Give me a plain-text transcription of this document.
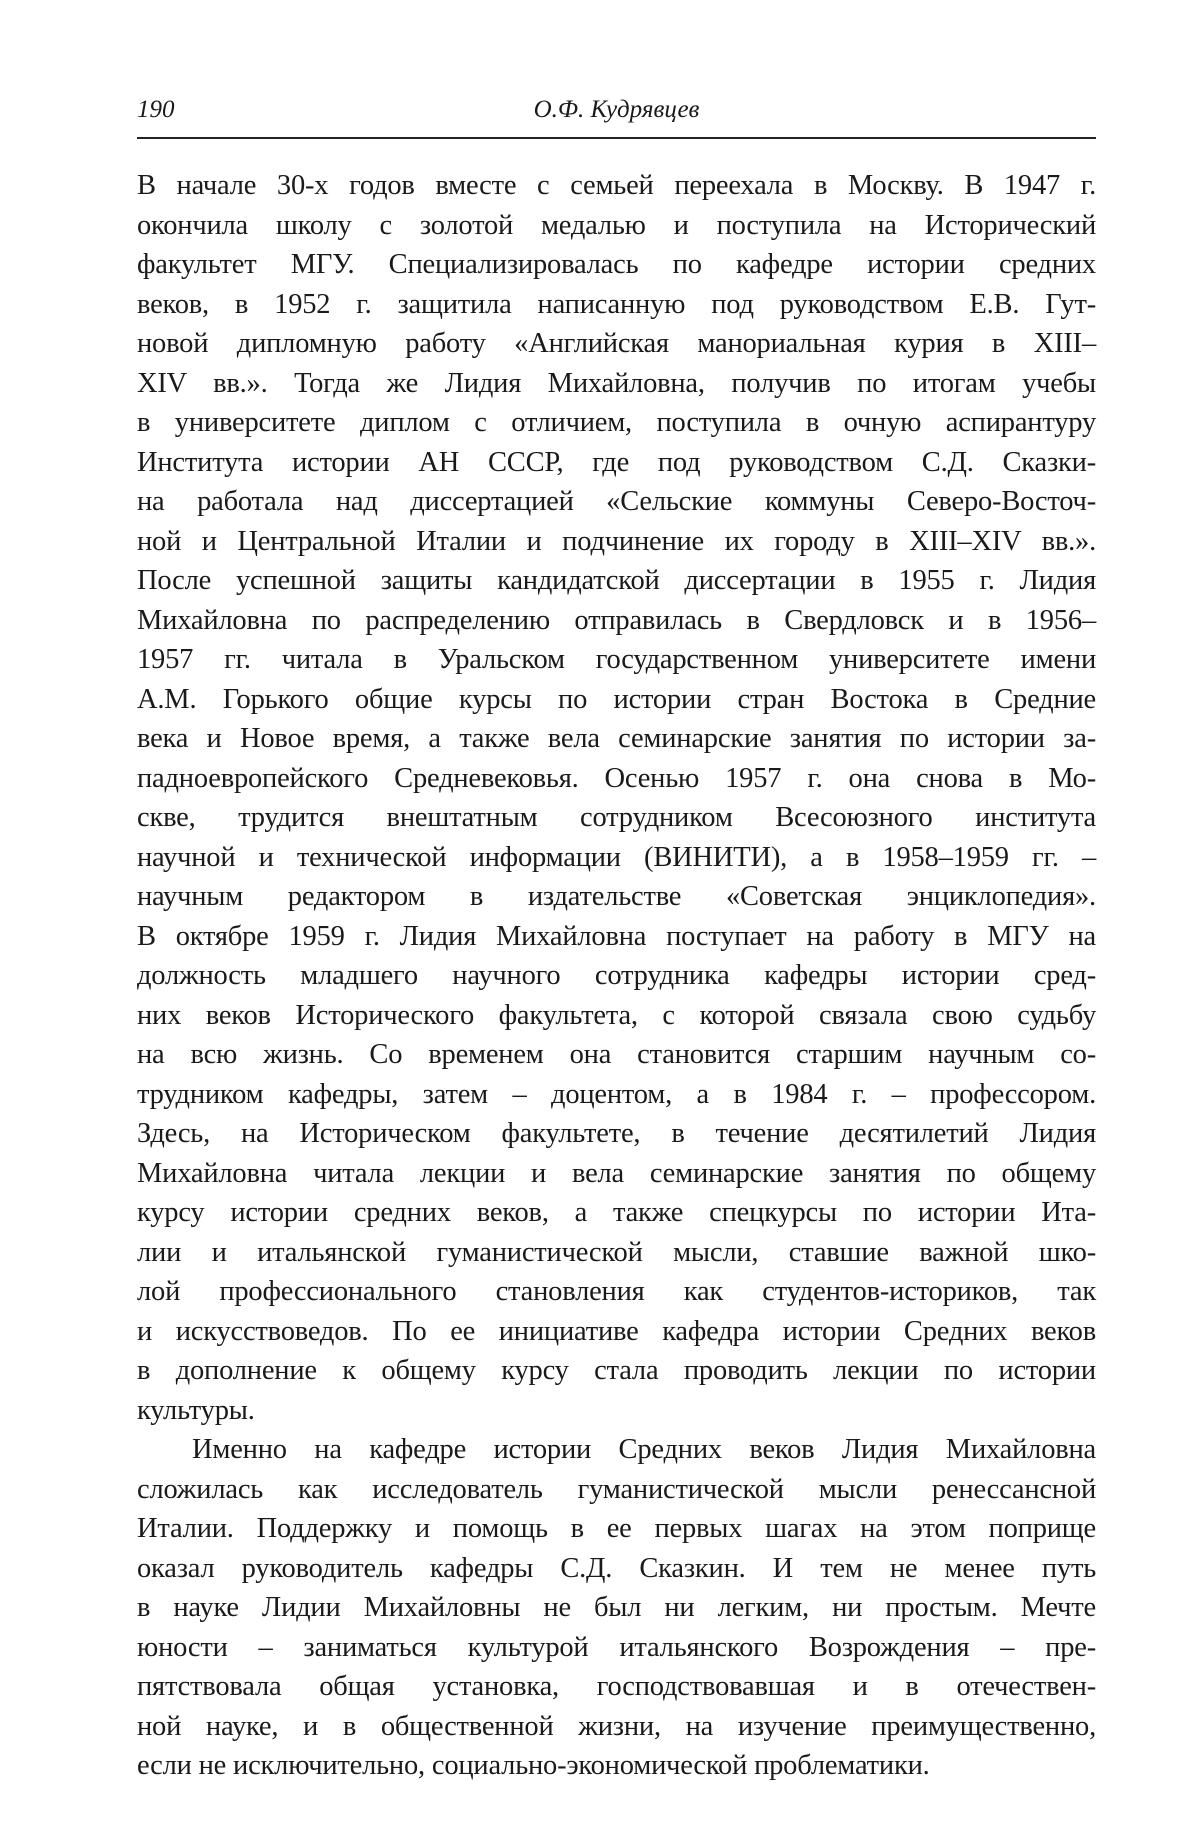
190	О.Ф. Кудрявцев
В начале 30-х годов вместе с семьей переехала в Москву. В 1947 г.
окончила школу с золотой медалью и поступила на Исторический
факультет МГУ. Специализировалась по кафедре истории средних
веков, в 1952 г. защитила написанную под руководством Е.В. Гут-
новой дипломную работу «Английская манориальная курия в XIII–
XIV вв.». Тогда же Лидия Михайловна, получив по итогам учебы
в университете диплом с отличием, поступила в очную аспирантуру
Института истории АН СССР, где под руководством С.Д. Сказки-
на работала над диссертацией «Сельские коммуны Северо-Восточ-
ной и Центральной Италии и подчинение их городу в XIII–XIV вв.».
После успешной защиты кандидатской диссертации в 1955 г. Лидия
Михайловна по распределению отправилась в Свердловск и в 1956–
1957 гг. читала в Уральском государственном университете имени
А.М. Горького общие курсы по истории стран Востока в Средние
века и Новое время, а также вела семинарские занятия по истории за-
падноевропейского Средневековья. Осенью 1957 г. она снова в Мо-
скве, трудится внештатным сотрудником Всесоюзного института
научной и технической информации (ВИНИТИ), а в 1958–1959 гг. –
научным редактором в издательстве «Советская энциклопедия».
В октябре 1959 г. Лидия Михайловна поступает на работу в МГУ на
должность младшего научного сотрудника кафедры истории сред-
них веков Исторического факультета, с которой связала свою судьбу
на всю жизнь. Со временем она становится старшим научным со-
трудником кафедры, затем – доцентом, а в 1984 г. – профессором.
Здесь, на Историческом факультете, в течение десятилетий Лидия
Михайловна читала лекции и вела семинарские занятия по общему
курсу истории средних веков, а также спецкурсы по истории Ита-
лии и итальянской гуманистической мысли, ставшие важной шко-
лой профессионального становления как студентов-историков, так
и искусствоведов. По ее инициативе кафедра истории Средних веков
в дополнение к общему курсу стала проводить лекции по истории
культуры.
Именно на кафедре истории Средних веков Лидия Михайловна
сложилась как исследователь гуманистической мысли ренессансной
Италии. Поддержку и помощь в ее первых шагах на этом поприще
оказал руководитель кафедры С.Д. Сказкин. И тем не менее путь
в науке Лидии Михайловны не был ни легким, ни простым. Мечте
юности – заниматься культурой итальянского Возрождения – пре-
пятствовала общая установка, господствовавшая и в отечествен-
ной науке, и в общественной жизни, на изучение преимущественно,
если не исключительно, социально-экономической проблематики.
